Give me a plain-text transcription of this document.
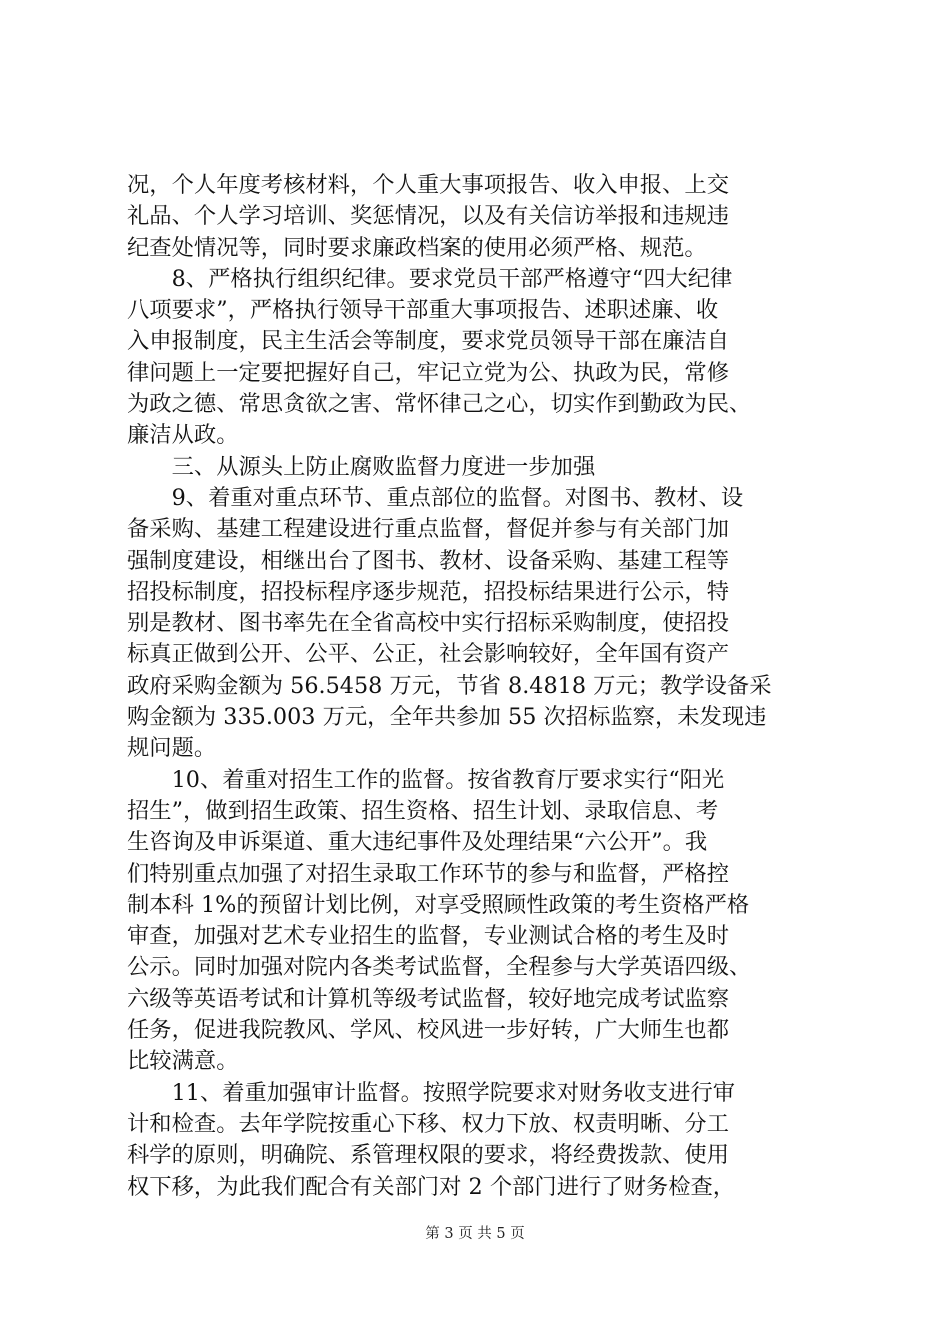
况，个人年度考核材料，个人重大事项报告、收入申报、上交
礼品、个人学习培训、奖惩情况，以及有关信访举报和违规违
纪查处情况等，同时要求廉政档案的使用必须严格、规范。

　　8、严格执行组织纪律。要求党员干部严格遵守“四大纪律
八项要求”，严格执行领导干部重大事项报告、述职述廉、收
入申报制度，民主生活会等制度，要求党员领导干部在廉洁自
律问题上一定要把握好自己，牢记立党为公、执政为民，常修
为政之德、常思贪欲之害、常怀律己之心，切实作到勤政为民、
廉洁从政。

　　三、从源头上防止腐败监督力度进一步加强

　　9、着重对重点环节、重点部位的监督。对图书、教材、设
备采购、基建工程建设进行重点监督，督促并参与有关部门加
强制度建设，相继出台了图书、教材、设备采购、基建工程等
招投标制度，招投标程序逐步规范，招投标结果进行公示，特
别是教材、图书率先在全省高校中实行招标采购制度，使招投
标真正做到公开、公平、公正，社会影响较好，全年国有资产
政府采购金额为 56.5458 万元，节省 8.4818 万元；教学设备采
购金额为 335.003 万元，全年共参加 55 次招标监察，未发现违
规问题。

　　10、着重对招生工作的监督。按省教育厅要求实行“阳光
招生”，做到招生政策、招生资格、招生计划、录取信息、考
生咨询及申诉渠道、重大违纪事件及处理结果“六公开”。我
们特别重点加强了对招生录取工作环节的参与和监督，严格控
制本科 1%的预留计划比例，对享受照顾性政策的考生资格严格
审查，加强对艺术专业招生的监督，专业测试合格的考生及时
公示。同时加强对院内各类考试监督，全程参与大学英语四级、
六级等英语考试和计算机等级考试监督，较好地完成考试监察
任务，促进我院教风、学风、校风进一步好转，广大师生也都
比较满意。

　　11、着重加强审计监督。按照学院要求对财务收支进行审
计和检查。去年学院按重心下移、权力下放、权责明晰、分工
科学的原则，明确院、系管理权限的要求，将经费拨款、使用
权下移，为此我们配合有关部门对 2 个部门进行了财务检查，

第 3 页 共 5 页
